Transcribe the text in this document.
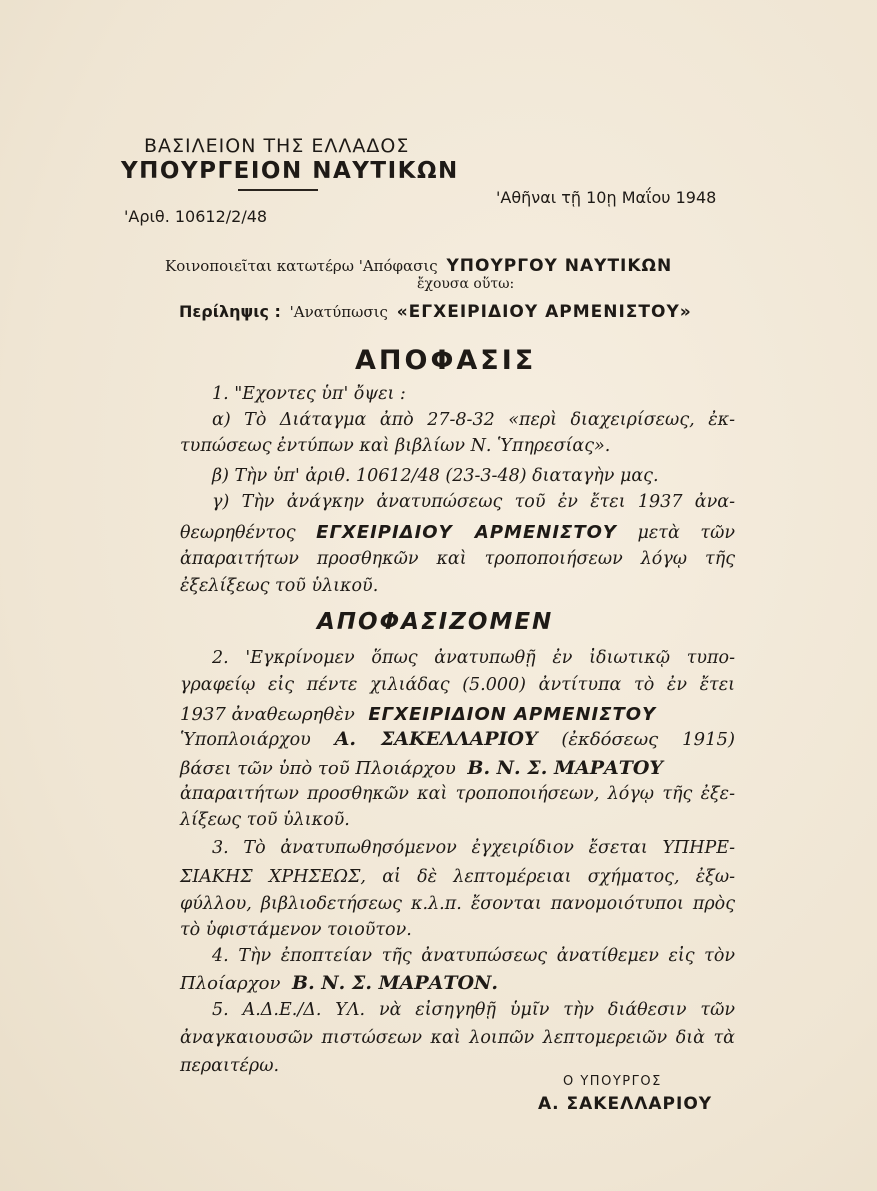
ΒΑΣΙΛΕΙΟΝ ΤΗΣ ΕΛΛΑΔΟΣ
ΥΠΟΥΡΓΕΙΟΝ ΝΑΥΤΙΚΩΝ
'Αθῆναι τῇ 10ῃ Μαΐου 1948
'Αριθ. 10612/2/48
Κοινοποιεῖται κατωτέρω 'Απόφασις ΥΠΟΥΡΓΟΥ ΝΑΥΤΙΚΩΝ
ἔχουσα οὕτω:
Περίληψις : 'Ανατύπωσις «ΕΓΧΕΙΡΙΔΙΟΥ ΑΡΜΕΝΙΣΤΟΥ»
ΑΠΟΦΑΣΙΣ
1. "Εχοντες ὑπ' ὄψει :
α) Τὸ Διάταγμα ἀπὸ 27-8-32 «περὶ διαχειρίσεως, ἐκ-
τυπώσεως ἐντύπων καὶ βιβλίων Ν. Ὑπηρεσίας».
β) Τὴν ὑπ' ἀριθ. 10612/48 (23-3-48) διαταγὴν μας.
γ) Τὴν ἀνάγκην ἀνατυπώσεως τοῦ ἐν ἔτει 1937 ἀνα-
θεωρηθέντος ΕΓΧΕΙΡΙΔΙΟΥ ΑΡΜΕΝΙΣΤΟΥ μετὰ τῶν
ἀπαραιτήτων προσθηκῶν καὶ τροποποιήσεων λόγῳ τῆς
ἐξελίξεως τοῦ ὑλικοῦ.
ΑΠΟΦΑΣΙΖΟΜΕΝ
2. 'Εγκρίνομεν ὅπως ἀνατυπωθῇ ἐν ἰδιωτικῷ τυπο-
γραφείῳ εἰς πέντε χιλιάδας (5.000) ἀντίτυπα τὸ ἐν ἔτει
1937 ἀναθεωρηθὲν ΕΓΧΕΙΡΙΔΙΟΝ ΑΡΜΕΝΙΣΤΟΥ
Ὑποπλοιάρχου Α. ΣΑΚΕΛΛΑΡΙΟΥ (ἐκδόσεως 1915)
βάσει τῶν ὑπὸ τοῦ Πλοιάρχου Β. Ν. Σ. ΜΑΡΑΤΟΥ
ἀπαραιτήτων προσθηκῶν καὶ τροποποιήσεων, λόγῳ τῆς ἐξε-
λίξεως τοῦ ὑλικοῦ.
3. Τὸ ἀνατυπωθησόμενον ἐγχειρίδιον ἔσεται ΥΠΗΡΕ-
ΣΙΑΚΗΣ ΧΡΗΣΕΩΣ, αἱ δὲ λεπτομέρειαι σχήματος, ἐξω-
φύλλου, βιβλιοδετήσεως κ.λ.π. ἔσονται πανομοιότυποι πρὸς
τὸ ὑφιστάμενον τοιοῦτον.
4. Τὴν ἐποπτείαν τῆς ἀνατυπώσεως ἀνατίθεμεν εἰς τὸν
Πλοίαρχον Β. Ν. Σ. ΜΑΡΑΤΟΝ.
5. Α.Δ.Ε./Δ. ΥΛ. νὰ εἰσηγηθῇ ὑμῖν τὴν διάθεσιν τῶν
ἀναγκαιουσῶν πιστώσεων καὶ λοιπῶν λεπτομερειῶν διὰ τὰ
περαιτέρω.
Ο ΥΠΟΥΡΓΟΣ
Α. ΣΑΚΕΛΛΑΡΙΟΥ
